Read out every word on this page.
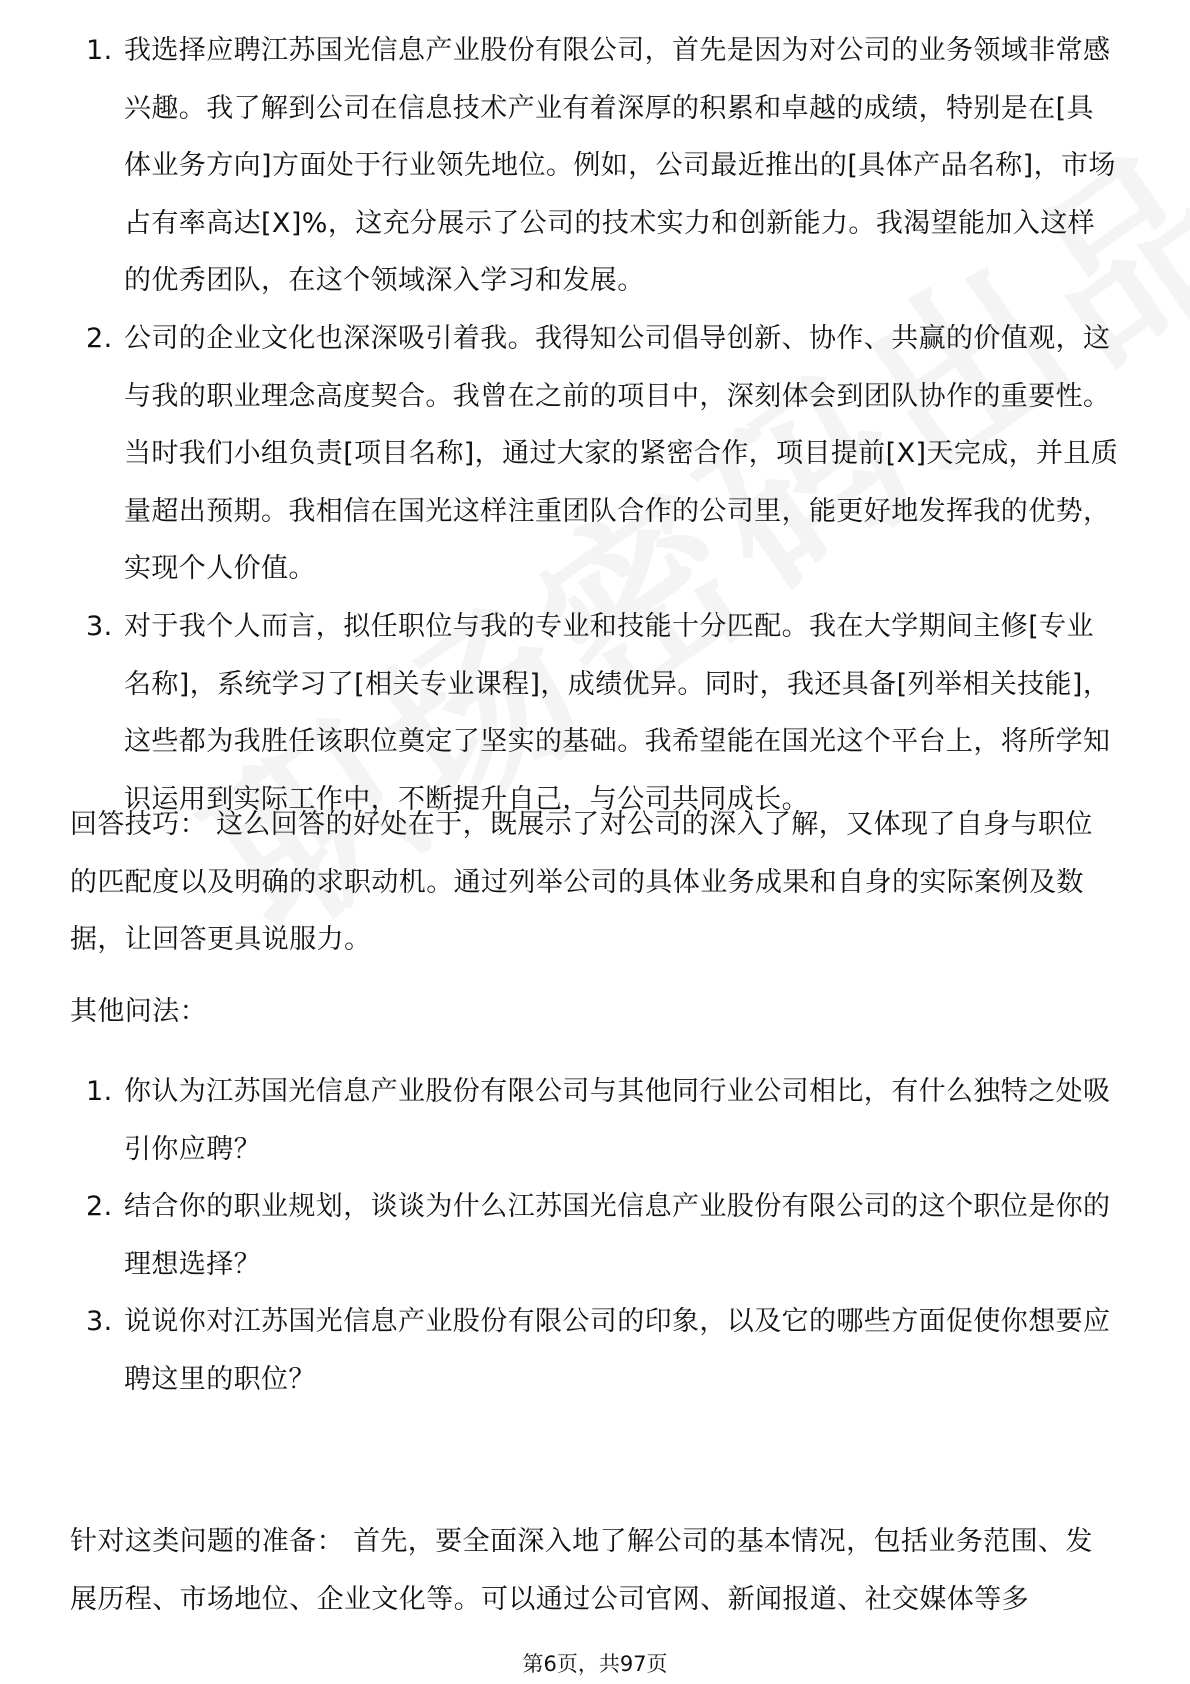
1. 我选择应聘江苏国光信息产业股份有限公司，首先是因为对公司的业务领域非常感兴趣。我了解到公司在信息技术产业有着深厚的积累和卓越的成绩，特别是在[具体业务方向]方面处于行业领先地位。例如，公司最近推出的[具体产品名称]，市场占有率高达[X]%，这充分展示了公司的技术实力和创新能力。我渴望能加入这样的优秀团队，在这个领域深入学习和发展。
2. 公司的企业文化也深深吸引着我。我得知公司倡导创新、协作、共赢的价值观，这与我的职业理念高度契合。我曾在之前的项目中，深刻体会到团队协作的重要性。当时我们小组负责[项目名称]，通过大家的紧密合作，项目提前[X]天完成，并且质量超出预期。我相信在国光这样注重团队合作的公司里，能更好地发挥我的优势，实现个人价值。
3. 对于我个人而言，拟任职位与我的专业和技能十分匹配。我在大学期间主修[专业名称]，系统学习了[相关专业课程]，成绩优异。同时，我还具备[列举相关技能]，这些都为我胜任该职位奠定了坚实的基础。我希望能在国光这个平台上，将所学知识运用到实际工作中，不断提升自己，与公司共同成长。

回答技巧： 这么回答的好处在于，既展示了对公司的深入了解，又体现了自身与职位的匹配度以及明确的求职动机。通过列举公司的具体业务成果和自身的实际案例及数据，让回答更具说服力。

其他问法：

1. 你认为江苏国光信息产业股份有限公司与其他同行业公司相比，有什么独特之处吸引你应聘？
2. 结合你的职业规划，谈谈为什么江苏国光信息产业股份有限公司的这个职位是你的理想选择？
3. 说说你对江苏国光信息产业股份有限公司的印象，以及它的哪些方面促使你想要应聘这里的职位？

针对这类问题的准备： 首先，要全面深入地了解公司的基本情况，包括业务范围、发展历程、市场地位、企业文化等。可以通过公司官网、新闻报道、社交媒体等多

第6页，共97页
